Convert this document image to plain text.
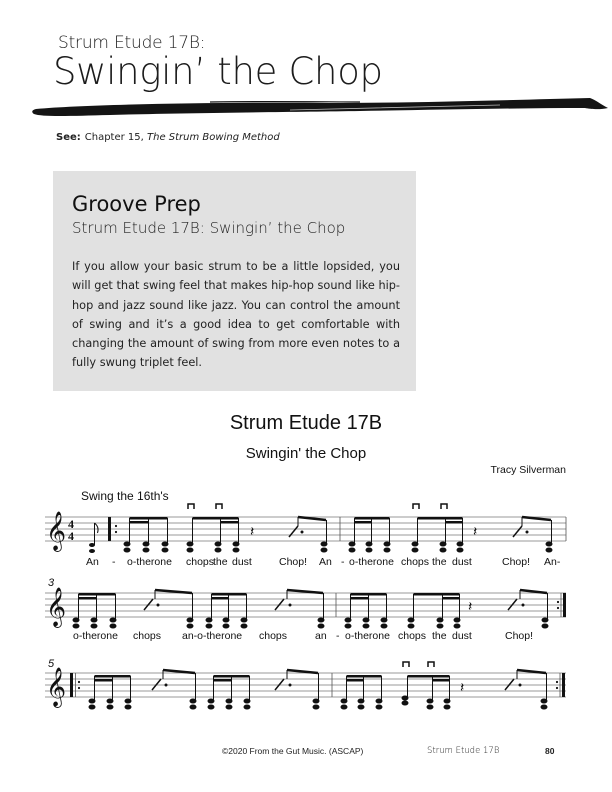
Strum Etude 17B:
Swingin’ the Chop
See: Chapter 15, The Strum Bowing Method
Groove Prep
Strum Etude 17B: Swingin’ the Chop
If you allow your basic strum to be a little lopsided, you will get that swing feel that makes hip-hop sound like hip-hop and jazz sound like jazz. You can control the amount of swing and it’s a good idea to get comfortable with changing the amount of swing from more even notes to a fully swung triplet feel.
Strum Etude 17B
Swingin' the Chop
Tracy Silverman
Swing the 16th's
𝄞 4
4	𝄽	𝄽
An - o-therone chops
the dust	Chop! An - o-therone chops the dust	Chop! An-
3
𝄞	𝄽
o-therone chops an-o-therone chops	an - o-therone chops the dust	Chop!
5
𝄞	𝄽
©2020 From the Gut Music. (ASCAP)	Strum Etude 17B	80
